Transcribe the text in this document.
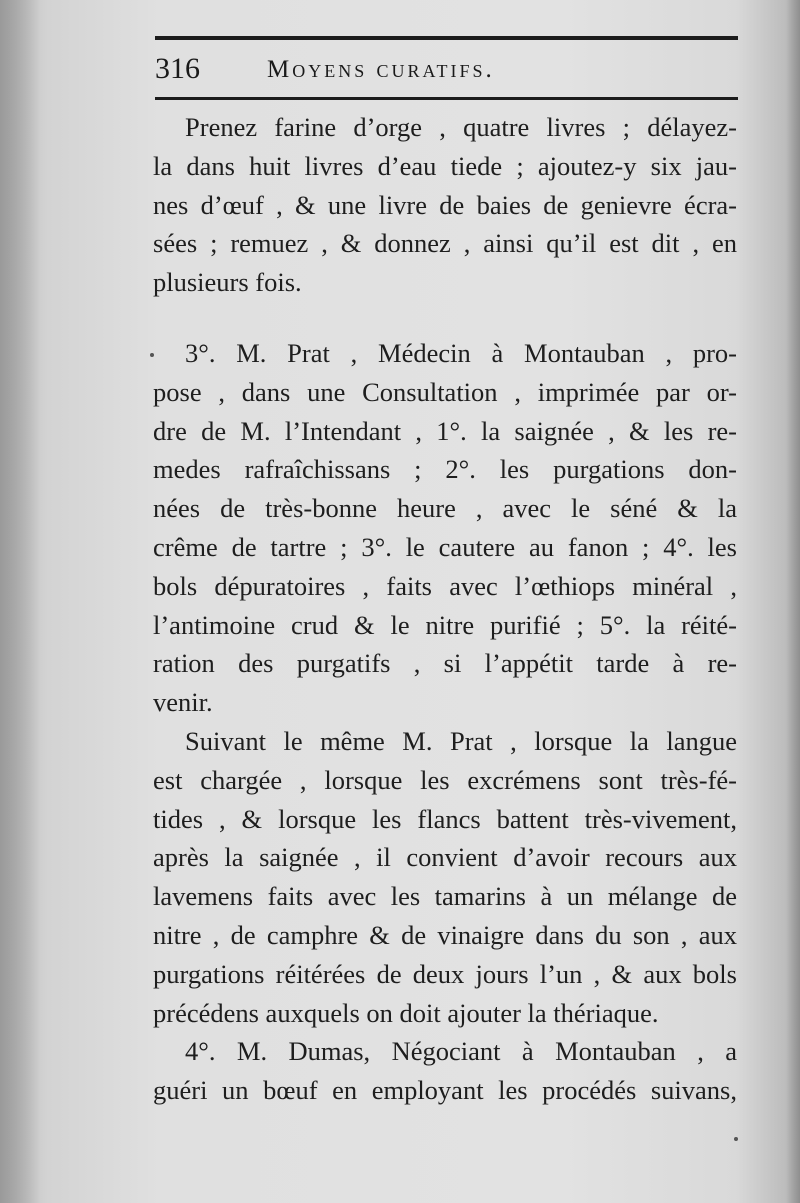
316	Moyens curatifs.
Prenez farine d’orge , quatre livres ; délayez-
la dans huit livres d’eau tiede ; ajoutez-y six jau-
nes d’œuf , & une livre de baies de genievre écra-
sées ; remuez , & donnez , ainsi qu’il est dit , en
plusieurs fois.
3°. M. Prat , Médecin à Montauban , pro-
pose , dans une Consultation , imprimée par or-
dre de M. l’Intendant , 1°. la saignée , & les re-
medes rafraîchissans ; 2°. les purgations don-
nées de très-bonne heure , avec le séné & la
crême de tartre ; 3°. le cautere au fanon ; 4°. les
bols dépuratoires , faits avec l’œthiops minéral ,
l’antimoine crud & le nitre purifié ; 5°. la réité-
ration des purgatifs , si l’appétit tarde à re-
venir.
Suivant le même M. Prat , lorsque la langue
est chargée , lorsque les excrémens sont très-fé-
tides , & lorsque les flancs battent très-vivement,
après la saignée , il convient d’avoir recours aux
lavemens faits avec les tamarins à un mélange de
nitre , de camphre & de vinaigre dans du son , aux
purgations réitérées de deux jours l’un , & aux bols
précédens auxquels on doit ajouter la thériaque.
4°. M. Dumas, Négociant à Montauban , a
guéri un bœuf en employant les procédés suivans,
